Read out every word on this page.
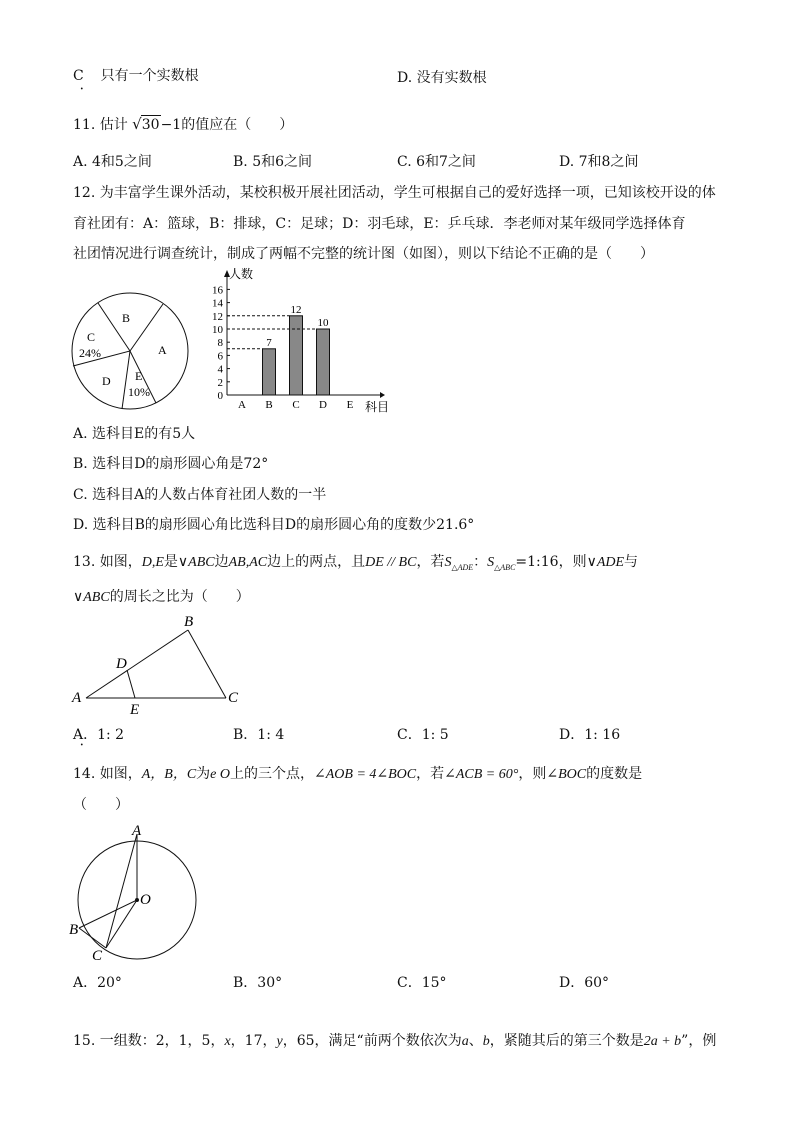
C 只有一个实数根	D. 没有实数根
•
11. 估计 √30−1的值应在（　　）
A. 4和5之间	B. 5和6之间	C. 6和7之间	D. 7和8之间
12. 为丰富学生课外活动，某校积极开展社团活动，学生可根据自己的爱好选择一项，已知该校开设的体
育社团有：A：篮球，B：排球，C：足球；D：羽毛球，E：乒乓球．李老师对某年级同学选择体育
社团情况进行调查统计，制成了两幅不完整的统计图（如图），则以下结论不正确的是（　　）
B
A
C
24%
D E
10%	0
2
4
6
8
10
12
14
16
人数
科目
A B
7
C
12
D
10
E
A. 选科目E的有5人
B. 选科目D的扇形圆心角是72°
C. 选科目A的人数占体育社团人数的一半
D. 选科目B的扇形圆心角比选科目D的扇形圆心角的度数少21.6°
13. 如图，D,E是∨ABC边AB,AC边上的两点，且DE // BC，若$S_{\triangle ADE}$：$S_{\triangle ABC}=1:16$，则∨ADE与
∨ABC的周长之比为（　　）
B
D
A
E
C
A．1: 2	B．1: 4	C．1: 5	D．1: 16
•
14. 如图，A，B，C为e O上的三个点，∠AOB = 4∠BOC，若∠ACB = 60°，则∠BOC的度数是
（　　）
A
O
B
C
A．20°	B．30°	C．15°	D．60°
15. 一组数：2，1，5，x，17，y，65，满足“前两个数依次为a、b，紧随其后的第三个数是2a + b”，例
